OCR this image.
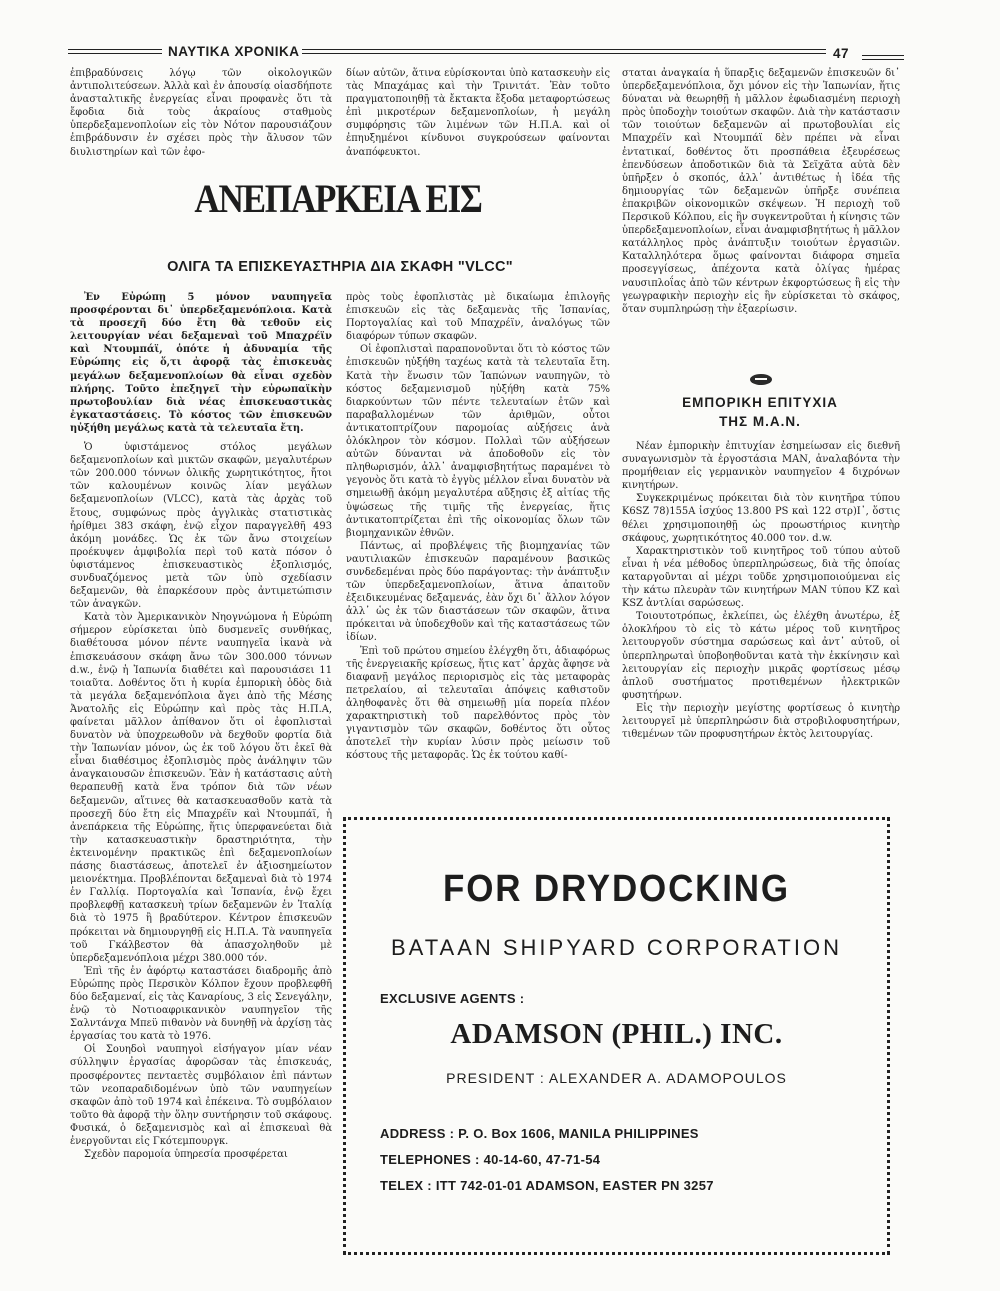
ΝΑΥΤΙΚΑ ΧΡΟΝΙΚΑ	47

ἐπιβραδύνσεις λόγῳ τῶν οἰκολογικῶν ἀντιπολιτεύσεων. Ἀλλὰ καὶ ἐν ἀπουσίᾳ οἱασδήποτε ἀνασταλτικῆς ἐνεργείας εἶναι προφανὲς ὅτι τὰ ἔφοδια διὰ τοὺς ἀκραίους σταθμοὺς ὑπερδεξαμενοπλοίων εἰς τὸν Νότον παρουσιάζουν ἐπιβράδυνσιν ἐν σχέσει πρὸς τὴν ἄλυσον τῶν διυλιστηρίων καὶ τῶν ἐφο-

δίων αὐτῶν, ἅτινα εὑρίσκονται ὑπὸ κατασκευὴν εἰς τὰς Μπαχάμας καὶ τὴν Τρινιτάτ. Ἐὰν τοῦτο πραγματοποιηθῇ τὰ ἔκτακτα ἔξοδα μεταφορτώσεως ἐπὶ μικροτέρων δεξαμενοπλοίων, ἡ μεγάλη συμφόρησις τῶν λιμένων τῶν Η.Π.Α. καὶ οἱ ἐπηυξημένοι κίνδυνοι συγκρούσεων φαίνονται ἀναπόφευκτοι.

ΑΝΕΠΑΡΚΕΙΑ ΕΙΣ
ΟΛΙΓΑ ΤΑ ΕΠΙΣΚΕΥΑΣΤΗΡΙΑ ΔΙΑ ΣΚΑΦΗ "VLCC"

Ἐν Εὐρώπῃ 5 μόνον ναυπηγεῖα προσφέρονται δι᾽ ὑπερδεξαμενόπλοια. Κατὰ τὰ προσεχῆ δύο ἔτη θὰ τεθοῦν εἰς λειτουργίαν νέαι δεξαμεναὶ τοῦ Μπαχρέϊν καὶ Ντουμπάϊ, ὁπότε ἡ ἀδυναμία τῆς Εὐρώπης εἰς ὅ,τι ἀφορᾷ τὰς ἐπισκευὰς μεγάλων δεξαμενοπλοίων θὰ εἶναι σχεδὸν πλήρης. Τοῦτο ἐπεξηγεῖ τὴν εὐρωπαϊκὴν πρωτοβουλίαν διὰ νέας ἐπισκευαστικὰς ἐγκαταστάσεις. Τὸ κόστος τῶν ἐπισκευῶν ηὐξήθη μεγάλως κατὰ τὰ τελευταῖα ἔτη.

Ὁ ὑφιστάμενος στόλος μεγάλων δεξαμενοπλοίων καὶ μικτῶν σκαφῶν, μεγαλυτέρων τῶν 200.000 τόννων ὁλικῆς χωρητικότητος, ἤτοι τῶν καλουμένων κοινῶς λίαν μεγάλων δεξαμενοπλοίων (VLCC), κατὰ τὰς ἀρχὰς τοῦ ἔτους, συμφώνως πρὸς ἀγγλικὰς στατιστικὰς ἠρίθμει 383 σκάφη, ἐνῷ εἶχον παραγγελθῆ 493 ἀκόμη μονάδες. Ὡς ἐκ τῶν ἄνω στοιχείων προέκυψεν ἀμφιβολία περὶ τοῦ κατὰ πόσον ὁ ὑφιστάμενος ἐπισκευαστικὸς ἐξοπλισμός, συνδυαζόμενος μετὰ τῶν ὑπὸ σχεδίασιν δεξαμενῶν, θὰ ἐπαρκέσουν πρὸς ἀντιμετώπισιν τῶν ἀναγκῶν.

Κατὰ τὸν Ἀμερικανικὸν Νηογνώμονα ἡ Εὐρώπη σήμερον εὑρίσκεται ὑπὸ δυσμενεῖς συνθήκας, διαθέτουσα μόνον πέντε ναυπηγεῖα ἱκανὰ νὰ ἐπισκευάσουν σκάφη ἄνω τῶν 300.000 τόννων d.w., ἐνῷ ἡ Ἰαπωνία διαθέτει καὶ παρουσιάσει 11 τοιαῦτα. Δοθέντος ὅτι ἡ κυρία ἐμπορικὴ ὁδὸς διὰ τὰ μεγάλα δεξαμενόπλοια ἄγει ἀπὸ τῆς Μέσης Ἀνατολῆς εἰς Εὐρώπην καὶ πρὸς τὰς Η.Π.Α, φαίνεται μᾶλλον ἀπίθανον ὅτι οἱ ἐφοπλισταὶ δυνατὸν νὰ ὑποχρεωθοῦν νὰ δεχθοῦν φορτία διὰ τὴν Ἰαπωνίαν μόνον, ὡς ἐκ τοῦ λόγου ὅτι ἐκεῖ θὰ εἶναι διαθέσιμος ἐξοπλισμὸς πρὸς ἀνάληψιν τῶν ἀναγκαιουσῶν ἐπισκευῶν. Ἐὰν ἡ κατάστασις αὐτὴ θεραπευθῇ κατὰ ἕνα τρόπον διὰ τῶν νέων δεξαμενῶν, αἵτινες θὰ κατασκευασθοῦν κατὰ τὰ προσεχῆ δύο ἔτη εἰς Μπαχρέϊν καὶ Ντουμπάϊ, ἡ ἀνεπάρκεια τῆς Εὐρώπης, ἥτις ὑπερφανεύεται διὰ τὴν κατασκευαστικὴν δραστηριότητα, τὴν ἐκτεινομένην πρακτικῶς ἐπὶ δεξαμενοπλοίων πάσης διαστάσεως, ἀποτελεῖ ἐν ἀξιοσημείωτον μειονέκτημα. Προβλέπονται δεξαμεναὶ διὰ τὸ 1974 ἐν Γαλλίᾳ. Πορτογαλία καὶ Ἰσπανία, ἐνῷ ἔχει προβλεφθῇ κατασκευὴ τρίων δεξαμενῶν ἐν Ἰταλίᾳ διὰ τὸ 1975 ἢ βραδύτερον. Κέντρον ἐπισκευῶν πρόκειται νὰ δημιουργηθῇ εἰς Η.Π.Α. Τὰ ναυπηγεῖα τοῦ Γκάλβεστον θὰ ἀπασχοληθοῦν μὲ ὑπερδεξαμενόπλοια μέχρι 380.000 τόν.

Ἐπὶ τῆς ἐν ἀφόρτῳ καταστάσει διαδρομῆς ἀπὸ Εὐρώπης πρὸς Περσικὸν Κόλπον ἔχουν προβλεφθῆ δύο δεξαμεναί, εἰς τὰς Καναρίους, 3 εἰς Σενεγάλην, ἐνῷ τὸ Νοτιοαφρικανικὸν ναυπηγεῖον τῆς Σαλντάνχα Μπεϋ πιθανὸν νὰ δυνηθῇ νὰ ἀρχίσῃ τὰς ἐργασίας του κατὰ τὸ 1976.

Οἱ Σουηδοὶ ναυπηγοὶ εἰσήγαγον μίαν νέαν σύλληψιν ἐργασίας ἀφορῶσαν τὰς ἐπισκευάς, προσφέροντες πενταετὲς συμβόλαιον ἐπὶ πάντων τῶν νεοπαραδιδομένων ὑπὸ τῶν ναυπηγείων σκαφῶν ἀπὸ τοῦ 1974 καὶ ἐπέκεινα. Τὸ συμβόλαιον τοῦτο θὰ ἀφορᾷ τὴν ὅλην συντήρησιν τοῦ σκάφους. Φυσικά, ὁ δεξαμενισμὸς καὶ αἱ ἐπισκευαὶ θὰ ἐνεργοῦνται εἰς Γκότεμπουργκ.

Σχεδὸν παρομοία ὑπηρεσία προσφέρεται

πρὸς τοὺς ἐφοπλιστὰς μὲ δικαίωμα ἐπιλογῆς ἐπισκευῶν εἰς τὰς δεξαμενὰς τῆς Ἰσπανίας, Πορτογαλίας καὶ τοῦ Μπαχρέϊν, ἀναλόγως τῶν διαφόρων τύπων σκαφῶν.

Οἱ ἐφοπλισταὶ παραπονοῦνται ὅτι τὸ κόστος τῶν ἐπισκευῶν ηὐξήθη ταχέως κατὰ τὰ τελευταῖα ἔτη. Κατὰ τὴν ἕνωσιν τῶν Ἰαπώνων ναυπηγῶν, τὸ κόστος δεξαμενισμοῦ ηὐξήθη κατὰ 75% διαρκούντων τῶν πέντε τελευταίων ἐτῶν καὶ παραβαλλομένων τῶν ἀριθμῶν, οὗτοι ἀντικατοπτρίζουν παρομοίας αὐξήσεις ἀνὰ ὁλόκληρον τὸν κόσμον. Πολλαὶ τῶν αὐξήσεων αὐτῶν δύνανται νὰ ἀποδοθοῦν εἰς τὸν πληθωρισμόν, ἀλλ᾽ ἀναμφισβητήτως παραμένει τὸ γεγονὸς ὅτι κατὰ τὸ ἐγγὺς μέλλον εἶναι δυνατὸν νὰ σημειωθῇ ἀκόμη μεγαλυτέρα αὔξησις ἐξ αἰτίας τῆς ὑψώσεως τῆς τιμῆς τῆς ἐνεργείας, ἥτις ἀντικατοπτρίζεται ἐπὶ τῆς οἰκονομίας ὅλων τῶν βιομηχανικῶν ἐθνῶν.

Πάντως, αἱ προβλέψεις τῆς βιομηχανίας τῶν ναυτιλιακῶν ἐπισκευῶν παραμένουν βασικῶς συνδεδεμέναι πρὸς δύο παράγοντας: τὴν ἀνάπτυξιν τῶν ὑπερδεξαμενοπλοίων, ἅτινα ἀπαιτοῦν ἐξειδικευμένας δεξαμενάς, ἐὰν ὄχι δι᾽ ἄλλον λόγον ἀλλ᾽ ὡς ἐκ τῶν διαστάσεων τῶν σκαφῶν, ἅτινα πρόκειται νὰ ὑποδεχθοῦν καὶ τῆς καταστάσεως τῶν ἰδίων.

Ἐπὶ τοῦ πρώτου σημείου ἐλέγχθη ὅτι, ἀδιαφόρως τῆς ἐνεργειακῆς κρίσεως, ἥτις κατ᾽ ἀρχὰς ἄφησε νὰ διαφανῇ μεγάλος περιορισμὸς εἰς τὰς μεταφορὰς πετρελαίου, αἱ τελευταῖαι ἀπόψεις καθιστοῦν ἀληθοφανὲς ὅτι θὰ σημειωθῇ μία πορεία πλέον χαρακτηριστικὴ τοῦ παρελθόντος πρὸς τὸν γιγαντισμὸν τῶν σκαφῶν, δοθέντος ὅτι οὗτος ἀποτελεῖ τὴν κυρίαν λύσιν πρὸς μείωσιν τοῦ κόστους τῆς μεταφορᾶς. Ὡς ἐκ τούτου καθί-

σταται ἀναγκαία ἡ ὕπαρξις δεξαμενῶν ἐπισκευῶν δι᾽ ὑπερδεξαμενόπλοια, ὄχι μόνον εἰς τὴν Ἰαπωνίαν, ἥτις δύναται νὰ θεωρηθῇ ἡ μᾶλλον ἐφωδιασμένη περιοχὴ πρὸς ὑποδοχὴν τοιούτων σκαφῶν. Διὰ τὴν κατάστασιν τῶν τοιούτων δεξαμενῶν αἱ πρωτοβουλίαι εἰς Μπαχρέϊν καὶ Ντουμπάϊ δὲν πρέπει νὰ εἶναι ἐντατικαί, δοθέντος ὅτι προσπάθεια ἐξευρέσεως ἐπενδύσεων ἀποδοτικῶν διὰ τὰ Σεϊχᾶτα αὐτὰ δὲν ὑπῆρξεν ὁ σκοπός, ἀλλ᾽ ἀντιθέτως ἡ ἰδέα τῆς δημιουργίας τῶν δεξαμενῶν ὑπῆρξε συνέπεια ἐπακριβῶν οἰκονομικῶν σκέψεων. Ἡ περιοχὴ τοῦ Περσικοῦ Κόλπου, εἰς ἣν συγκεντροῦται ἡ κίνησις τῶν ὑπερδεξαμενοπλοίων, εἶναι ἀναμφισβητήτως ἡ μᾶλλον κατάλληλος πρὸς ἀνάπτυξιν τοιούτων ἐργασιῶν. Καταλληλότερα ὅμως φαίνονται διάφορα σημεῖα προσεγγίσεως, ἀπέχοντα κατὰ ὀλίγας ἡμέρας ναυσιπλοΐας ἀπὸ τῶν κέντρων ἐκφορτώσεως ἢ εἰς τὴν γεωγραφικὴν περιοχὴν εἰς ἣν εὑρίσκεται τὸ σκάφος, ὅταν συμπληρώσῃ τὴν ἐξαερίωσιν.

ΕΜΠΟΡΙΚΗ ΕΠΙΤΥΧΙΑ
ΤΗΣ Μ.Α.Ν.

Νέαν ἐμπορικὴν ἐπιτυχίαν ἐσημείωσαν εἰς διεθνῆ συναγωνισμὸν τὰ ἐργοστάσια ΜΑΝ, ἀναλαβόντα τὴν προμήθειαν εἰς γερμανικὸν ναυπηγεῖον 4 διχρόνων κινητήρων.

Συγκεκριμένως πρόκειται διὰ τὸν κινητῆρα τύπου K6SZ 78)155A ἰσχύος 13.800 PS καὶ 122 στρ)Ι᾽, ὅστις θέλει χρησιμοποιηθῇ ὡς προωστήριος κινητὴρ σκάφους, χωρητικότητος 40.000 τον. d.w.

Χαρακτηριστικὸν τοῦ κινητῆρος τοῦ τύπου αὐτοῦ εἶναι ἡ νέα μέθοδος ὑπερπληρώσεως, διὰ τῆς ὁποίας καταργοῦνται αἱ μέχρι τοῦδε χρησιμοποιούμεναι εἰς τὴν κάτω πλευρὰν τῶν κινητήρων MAN τύπου KZ καὶ KSZ ἀντλίαι σαρώσεως.

Τοιουτοτρόπως, ἐκλείπει, ὡς ἐλέχθη ἀνωτέρω, ἐξ ὁλοκλήρου τὸ εἰς τὸ κάτω μέρος τοῦ κινητῆρος λειτουργοῦν σύστημα σαρώσεως καὶ ἀντ᾽ αὐτοῦ, οἱ ὑπερπληρωταὶ ὑποβοηθοῦνται κατὰ τὴν ἐκκίνησιν καὶ λειτουργίαν εἰς περιοχὴν μικρᾶς φορτίσεως μέσῳ ἁπλοῦ συστήματος προτιθεμένων ἠλεκτρικῶν φυσητήρων.

Εἰς τὴν περιοχὴν μεγίστης φορτίσεως ὁ κινητὴρ λειτουργεῖ μὲ ὑπερπληρώσιν διὰ στροβιλοφυσητήρων, τιθεμένων τῶν προφυσητήρων ἐκτὸς λειτουργίας.

FOR DRYDOCKING
BATAAN SHIPYARD CORPORATION
EXCLUSIVE AGENTS :
ADAMSON (PHIL.) INC.
PRESIDENT : ALEXANDER A. ADAMOPOULOS
ADDRESS : P. O. Box 1606, MANILA PHILIPPINES
TELEPHONES : 40-14-60, 47-71-54
TELEX : ITT 742-01-01 ADAMSON, EASTER PN 3257
